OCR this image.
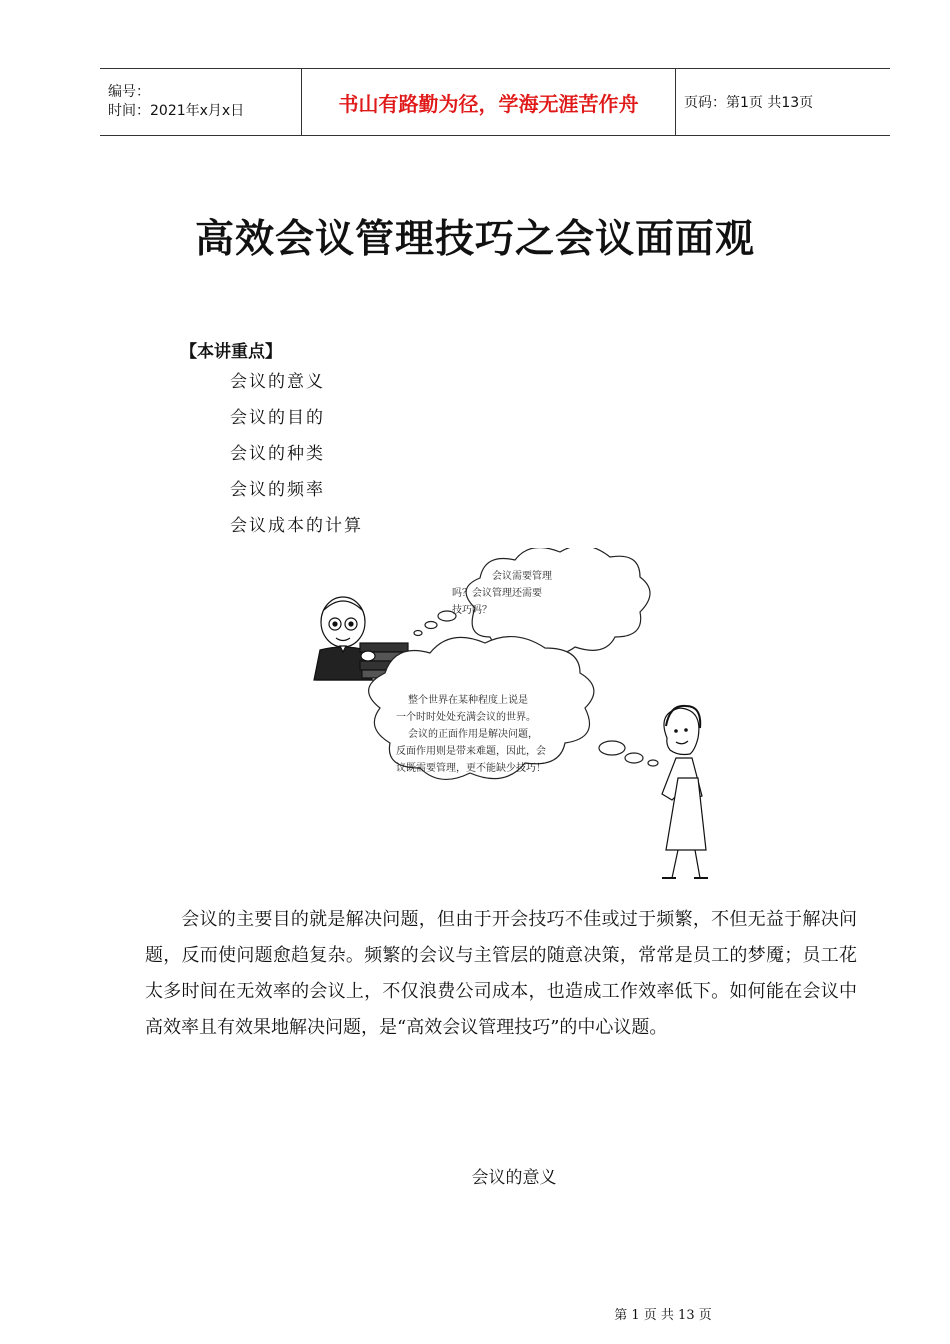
编号：
时间：2021年x月x日	书山有路勤为径，学海无涯苦作舟	页码：第1页 共13页
高效会议管理技巧之会议面面观
【本讲重点】
会议的意义
会议的目的
会议的种类
会议的频率
会议成本的计算
会议需要管理
吗？会议管理还需要
技巧吗？
整个世界在某种程度上说是
一个时时处处充满会议的世界。
会议的正面作用是解决问题，
反面作用则是带来难题，因此，会
议既需要管理，更不能缺少技巧！

会议的主要目的就是解决问题，但由于开会技巧不佳或过于频繁，不但无益于解决问题，反而使问题愈趋复杂。频繁的会议与主管层的随意决策，常常是员工的梦魇；员工花太多时间在无效率的会议上，不仅浪费公司成本，也造成工作效率低下。如何能在会议中高效率且有效果地解决问题，是“高效会议管理技巧”的中心议题。

会议的意义
第 1 页 共 13 页
